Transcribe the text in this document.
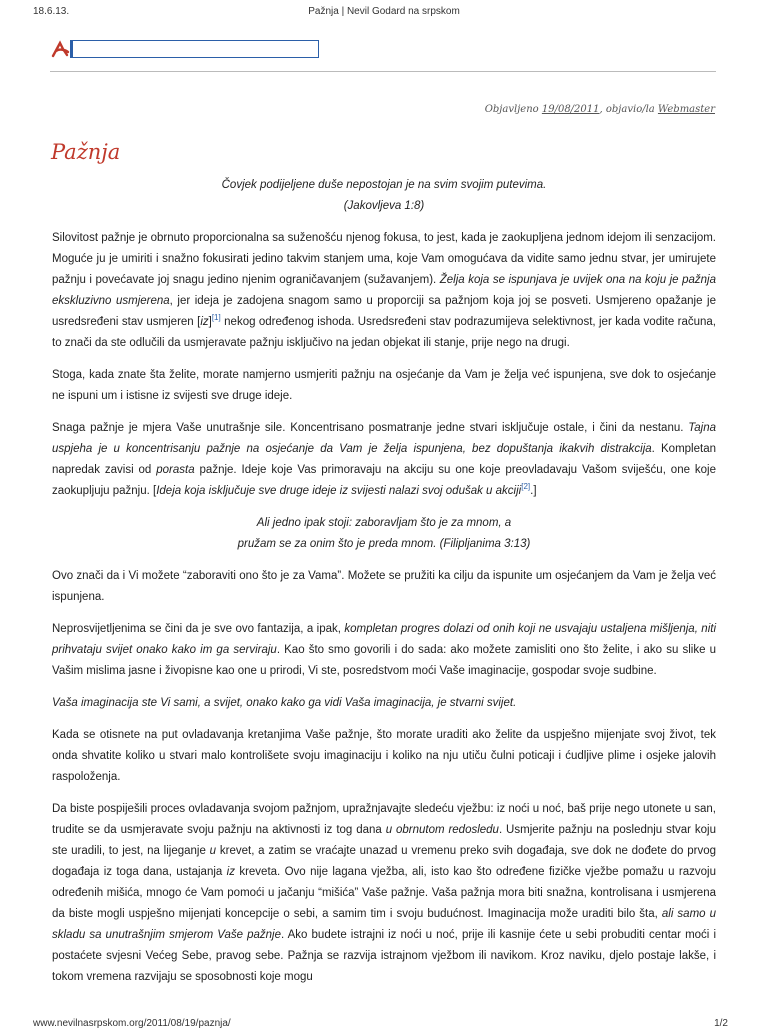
18.6.13.	Pažnja | Nevil Godard na srpskom
Objavljeno 19/08/2011, objavio/la Webmaster
Pažnja

Čovjek podijeljene duše nepostojan je na svim svojim putevima.
(Jakovljeva 1:8)

Silovitost pažnje je obrnuto proporcionalna sa suženošću njenog fokusa, to jest, kada je zaokupljena jednom idejom ili senzacijom. Moguće ju je umiriti i snažno fokusirati jedino takvim stanjem uma, koje Vam omogućava da vidite samo jednu stvar, jer umirujete pažnju i povećavate joj snagu jedino njenim ograničavanjem (sužavanjem). Želja koja se ispunjava je uvijek ona na koju je pažnja ekskluzivno usmjerena, jer ideja je zadojena snagom samo u proporciji sa pažnjom koja joj se posveti. Usmjereno opažanje je usredsređeni stav usmjeren [iz][1] nekog određenog ishoda. Usredsređeni stav podrazumijeva selektivnost, jer kada vodite računa, to znači da ste odlučili da usmjeravate pažnju isključivo na jedan objekat ili stanje, prije nego na drugi.

Stoga, kada znate šta želite, morate namjerno usmjeriti pažnju na osjećanje da Vam je želja već ispunjena, sve dok to osjećanje ne ispuni um i istisne iz svijesti sve druge ideje.

Snaga pažnje je mjera Vaše unutrašnje sile. Koncentrisano posmatranje jedne stvari isključuje ostale, i čini da nestanu. Tajna uspjeha je u koncentrisanju pažnje na osjećanje da Vam je želja ispunjena, bez dopuštanja ikakvih distrakcija. Kompletan napredak zavisi od porasta pažnje. Ideje koje Vas primoravaju na akciju su one koje preovladavaju Vašom sviješću, one koje zaokupljuju pažnju. [Ideja koja isključuje sve druge ideje iz svijesti nalazi svoj odušak u akciji[2].]

Ali jedno ipak stoji: zaboravljam što je za mnom, a
pružam se za onim što je preda mnom. (Filipljanima 3:13)

Ovo znači da i Vi možete “zaboraviti ono što je za Vama”. Možete se pružiti ka cilju da ispunite um osjećanjem da Vam je želja već ispunjena.

Neprosvijetljenima se čini da je sve ovo fantazija, a ipak, kompletan progres dolazi od onih koji ne usvajaju ustaljena mišljenja, niti prihvataju svijet onako kako im ga serviraju. Kao što smo govorili i do sada: ako možete zamisliti ono što želite, i ako su slike u Vašim mislima jasne i živopisne kao one u prirodi, Vi ste, posredstvom moći Vaše imaginacije, gospodar svoje sudbine.

Vaša imaginacija ste Vi sami, a svijet, onako kako ga vidi Vaša imaginacija, je stvarni svijet.

Kada se otisnete na put ovladavanja kretanjima Vaše pažnje, što morate uraditi ako želite da uspješno mijenjate svoj život, tek onda shvatite koliko u stvari malo kontrolišete svoju imaginaciju i koliko na nju utiču čulni poticaji i ćudljive plime i osjeke jalovih raspoloženja.

Da biste pospiješili proces ovladavanja svojom pažnjom, upražnjavajte sledeću vježbu: iz noći u noć, baš prije nego utonete u san, trudite se da usmjeravate svoju pažnju na aktivnosti iz tog dana u obrnutom redosledu. Usmjerite pažnju na poslednju stvar koju ste uradili, to jest, na lijeganje u krevet, a zatim se vraćajte unazad u vremenu preko svih događaja, sve dok ne dođete do prvog događaja iz toga dana, ustajanja iz kreveta. Ovo nije lagana vježba, ali, isto kao što određene fizičke vježbe pomažu u razvoju određenih mišića, mnogo će Vam pomoći u jačanju “mišića” Vaše pažnje. Vaša pažnja mora biti snažna, kontrolisana i usmjerena da biste mogli uspješno mijenjati koncepcije o sebi, a samim tim i svoju budućnost. Imaginacija može uraditi bilo šta, ali samo u skladu sa unutrašnjim smjerom Vaše pažnje. Ako budete istrajni iz noći u noć, prije ili kasnije ćete u sebi probuditi centar moći i postaćete svjesni Većeg Sebe, pravog sebe. Pažnja se razvija istrajnom vježbom ili navikom. Kroz naviku, djelo postaje lakše, i tokom vremena razvijaju se sposobnosti koje mogu

www.nevilnasrpskom.org/2011/08/19/paznja/	1/2
